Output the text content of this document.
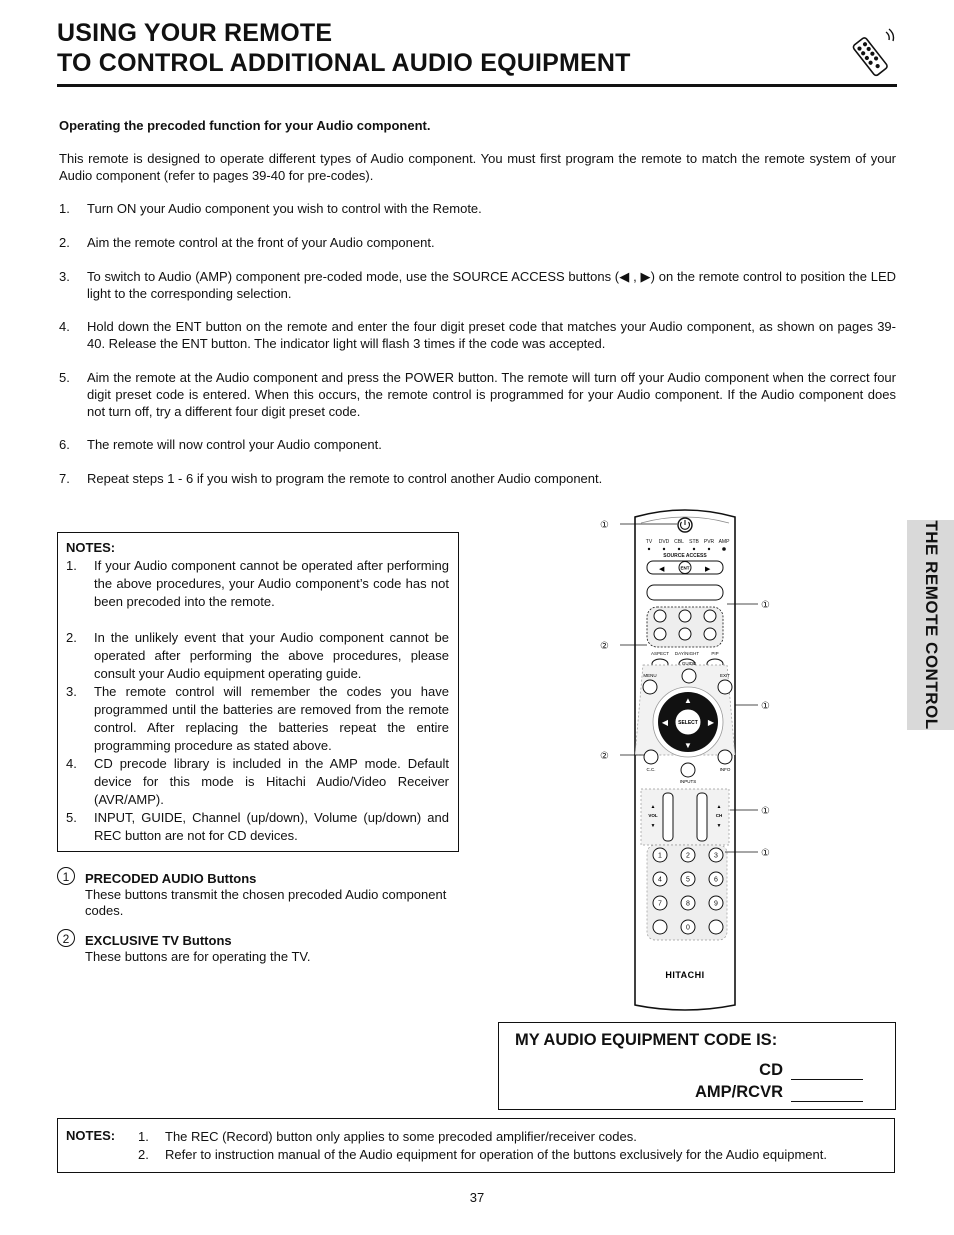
USING YOUR REMOTE
TO CONTROL ADDITIONAL AUDIO EQUIPMENT
Operating the precoded function for your Audio component.
This remote is designed to operate different types of Audio component. You must first program the remote to match the remote system of your Audio component (refer to pages 39-40 for pre-codes).
1. Turn ON your Audio component you wish to control with the Remote.
2. Aim the remote control at the front of your Audio component.
3. To switch to Audio (AMP) component pre-coded mode, use the SOURCE ACCESS buttons (◀ , ▶) on the remote control to position the LED light to the corresponding selection.
4. Hold down the ENT button on the remote and enter the four digit preset code that matches your Audio component, as shown on pages 39-40. Release the ENT button. The indicator light will flash 3 times if the code was accepted.
5. Aim the remote at the Audio component and press the POWER button. The remote will turn off your Audio component when the correct four digit preset code is entered. When this occurs, the remote control is programmed for your Audio component. If the Audio component does not turn off, try a different four digit preset code.
6. The remote will now control your Audio component.
7. Repeat steps 1 - 6 if you wish to program the remote to control another Audio component.
THE REMOTE CONTROL
NOTES:
1. If your Audio component cannot be operated after performing the above procedures, your Audio component’s code has not been precoded into the remote.
2. In the unlikely event that your Audio component cannot be operated after performing the above procedures, please consult your Audio equipment operating guide.
3. The remote control will remember the codes you have programmed until the batteries are removed from the remote control. After replacing the batteries repeat the entire programming procedure as stated above.
4. CD precode library is included in the AMP mode. Default device for this mode is Hitachi Audio/Video Receiver (AVR/AMP).
5. INPUT, GUIDE, Channel (up/down), Volume (up/down) and REC button are not for CD devices.
1	PRECODED AUDIO Buttons
These buttons transmit the chosen precoded Audio component codes.
2	EXCLUSIVE TV Buttons
These buttons are for operating the TV.
TV DVD CBL STB PVR AMP
SOURCE ACCESS
◀	▶
ENT
ASPECT DAY/NIGHT	PIP
GUIDE
MENU	EXIT
SELECT
▲
▼
◀	▶
C.C.	INFO
INPUTS
VOL	CH
▲
▼
▲
▼
1	2	3
4	5	6
7	8	9
0
HITACHI
①
①
②
①
②
①
①
MY AUDIO EQUIPMENT CODE IS:
CD
AMP/RCVR
NOTES: 1. The REC (Record) button only applies to some precoded amplifier/receiver codes.
2. Refer to instruction manual of the Audio equipment for operation of the buttons exclusively for the Audio equipment.
37
